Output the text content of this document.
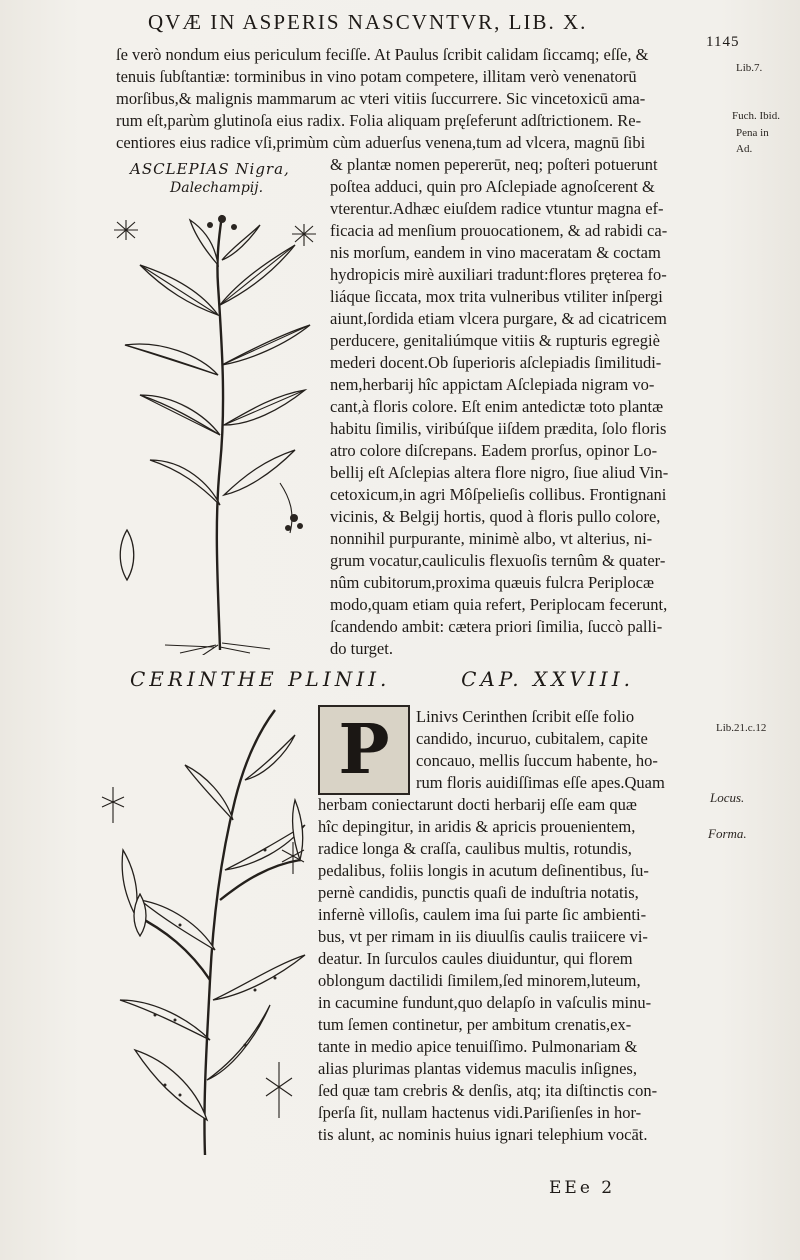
QVÆ IN ASPERIS NASCVNTVR, LIB. X.
1145
ſe verò nondum eius periculum feciſſe. At Paulus ſcribit calidam ſiccamq; eſſe, &
tenuis ſubſtantiæ: torminibus in vino potam competere, illitam verò venenatorū
morſibus,& malignis mammarum ac vteri vitiis ſuccurrere. Sic vincetoxicū ama-
rum eſt,parùm glutinoſa eius radix. Folia aliquam pręſeferunt adſtrictionem. Re-
centiores eius radice vſi,primùm cùm aduerſus venena,tum ad vlcera, magnū ſibi
Lib.7.
Fuch. Ibid.
Pena in
Ad.
ASCLEPIAS Nigra,
Dalechampij.
& plantæ nomen pepererūt, neq; poſteri potuerunt
poſtea adduci, quin pro Aſclepiade agnoſcerent &
vterentur.Adhæc eiuſdem radice vtuntur magna ef-
ficacia ad menſium prouocationem, & ad rabidi ca-
nis morſum, eandem in vino maceratam & coctam
hydropicis mirè auxiliari tradunt:flores pręterea fo-
liáque ſiccata, mox trita vulneribus vtiliter inſpergi
aiunt,ſordida etiam vlcera purgare, & ad cicatricem
perducere, genitaliúmque vitiis & rupturis egregiè
mederi docent.Ob ſuperioris aſclepiadis ſimilitudi-
nem,herbarij hîc appictam Aſclepiada nigram vo-
cant,à floris colore. Eſt enim antedictæ toto plantæ
habitu ſimilis, viribúſque iiſdem prædita, ſolo floris
atro colore diſcrepans. Eadem prorſus, opinor Lo-
bellij eſt Aſclepias altera flore nigro, ſiue aliud Vin-
cetoxicum,in agri Môſpelieſis collibus. Frontignani
vicinis, & Belgij hortis, quod à floris pullo colore,
nonnihil purpurante, minimè albo, vt alterius, ni-
grum vocatur,cauliculis flexuoſis ternûm & quater-
nûm cubitorum,proxima quæuis fulcra Periplocæ
modo,quam etiam quia refert, Periplocam fecerunt,
ſcandendo ambit: cætera priori ſimilia, ſuccò palli-
do turget.
CERINTHE PLINII.	CAP. XXVIII.
P Linivs Cerinthen ſcribit eſſe folio
candido, incuruo, cubitalem, capite
concauo, mellis ſuccum habente, ho-
rum floris auidiſſimas eſſe apes.Quam
herbam coniectarunt docti herbarij eſſe eam quæ
hîc depingitur, in aridis & apricis prouenientem,
radice longa & craſſa, caulibus multis, rotundis,
pedalibus, foliis longis in acutum deſinentibus, ſu-
pernè candidis, punctis quaſi de induſtria notatis,
infernè villoſis, caulem ima ſui parte ſic ambienti-
bus, vt per rimam in iis diuulſis caulis traiicere vi-
deatur. In ſurculos caules diuiduntur, qui florem
oblongum dactilidi ſimilem,ſed minorem,luteum,
in cacumine fundunt,quo delapſo in vaſculis minu-
tum ſemen continetur, per ambitum crenatis,ex-
tante in medio apice tenuiſſimo. Pulmonariam &
alias plurimas plantas videmus maculis inſignes,
ſed quæ tam crebris & denſis, atq; ita diſtinctis con-
ſperſa ſit, nullam hactenus vidi.Pariſienſes in hor-
tis alunt, ac nominis huius ignari telephium vocāt.
Lib.21.c.12
Locus.
Forma.
EEe 2
